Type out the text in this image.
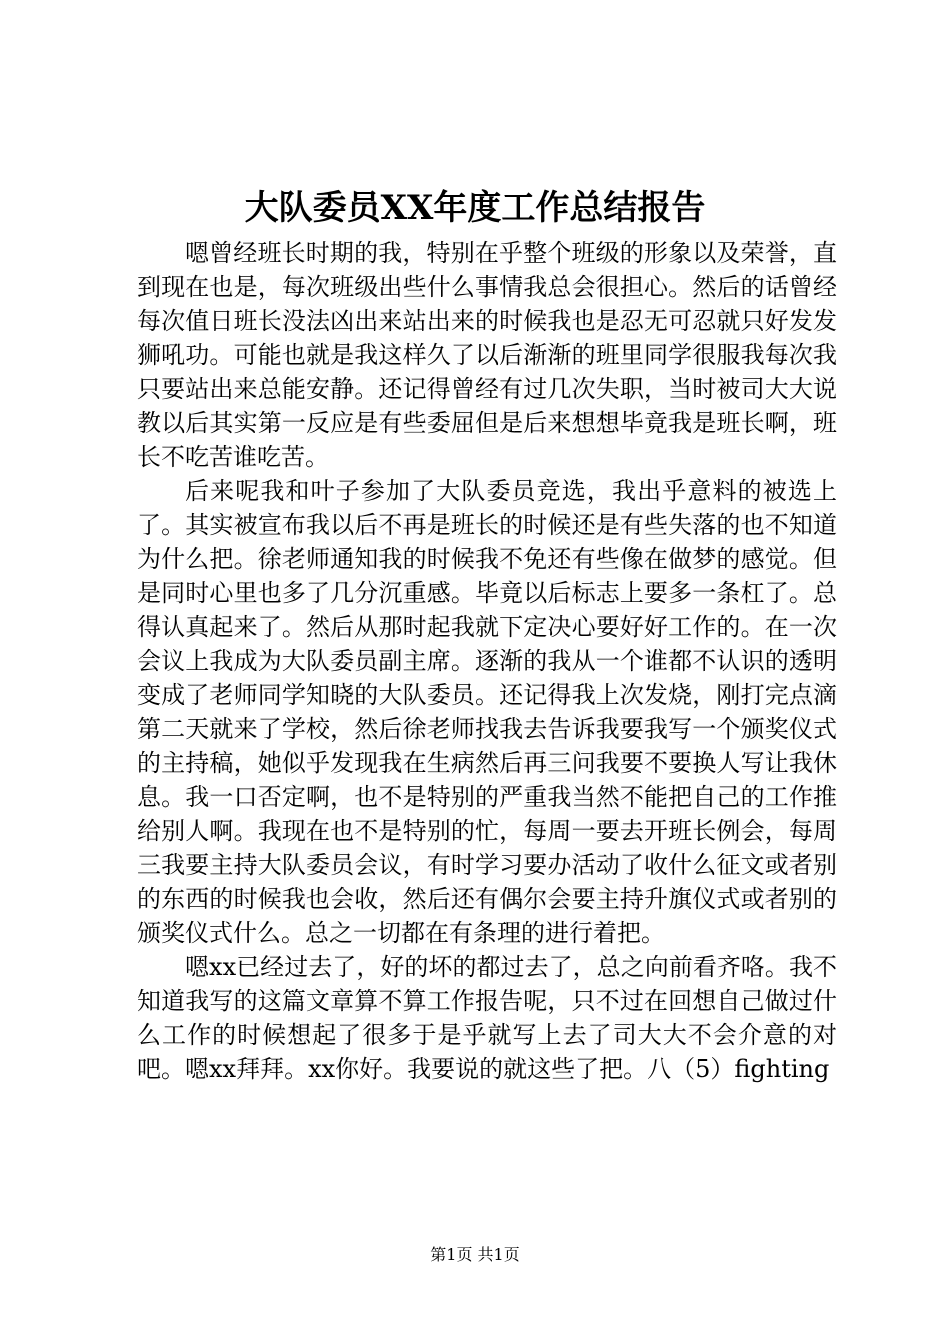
大队委员XX年度工作总结报告

嗯曾经班长时期的我，特别在乎整个班级的形象以及荣誉，直到现在也是，每次班级出些什么事情我总会很担心。然后的话曾经每次值日班长没法凶出来站出来的时候我也是忍无可忍就只好发发狮吼功。可能也就是我这样久了以后渐渐的班里同学很服我每次我只要站出来总能安静。还记得曾经有过几次失职，当时被司大大说教以后其实第一反应是有些委屈但是后来想想毕竟我是班长啊，班长不吃苦谁吃苦。

后来呢我和叶子参加了大队委员竞选，我出乎意料的被选上了。其实被宣布我以后不再是班长的时候还是有些失落的也不知道为什么把。徐老师通知我的时候我不免还有些像在做梦的感觉。但是同时心里也多了几分沉重感。毕竟以后标志上要多一条杠了。总得认真起来了。然后从那时起我就下定决心要好好工作的。在一次会议上我成为大队委员副主席。逐渐的我从一个谁都不认识的透明变成了老师同学知晓的大队委员。还记得我上次发烧，刚打完点滴第二天就来了学校，然后徐老师找我去告诉我要我写一个颁奖仪式的主持稿，她似乎发现我在生病然后再三问我要不要换人写让我休息。我一口否定啊，也不是特别的严重我当然不能把自己的工作推给别人啊。我现在也不是特别的忙，每周一要去开班长例会，每周三我要主持大队委员会议，有时学习要办活动了收什么征文或者别的东西的时候我也会收，然后还有偶尔会要主持升旗仪式或者别的颁奖仪式什么。总之一切都在有条理的进行着把。

嗯xx已经过去了，好的坏的都过去了，总之向前看齐咯。我不知道我写的这篇文章算不算工作报告呢，只不过在回想自己做过什么工作的时候想起了很多于是乎就写上去了司大大不会介意的对吧。嗯xx拜拜。xx你好。我要说的就这些了把。八（5）fighting

第1页 共1页
